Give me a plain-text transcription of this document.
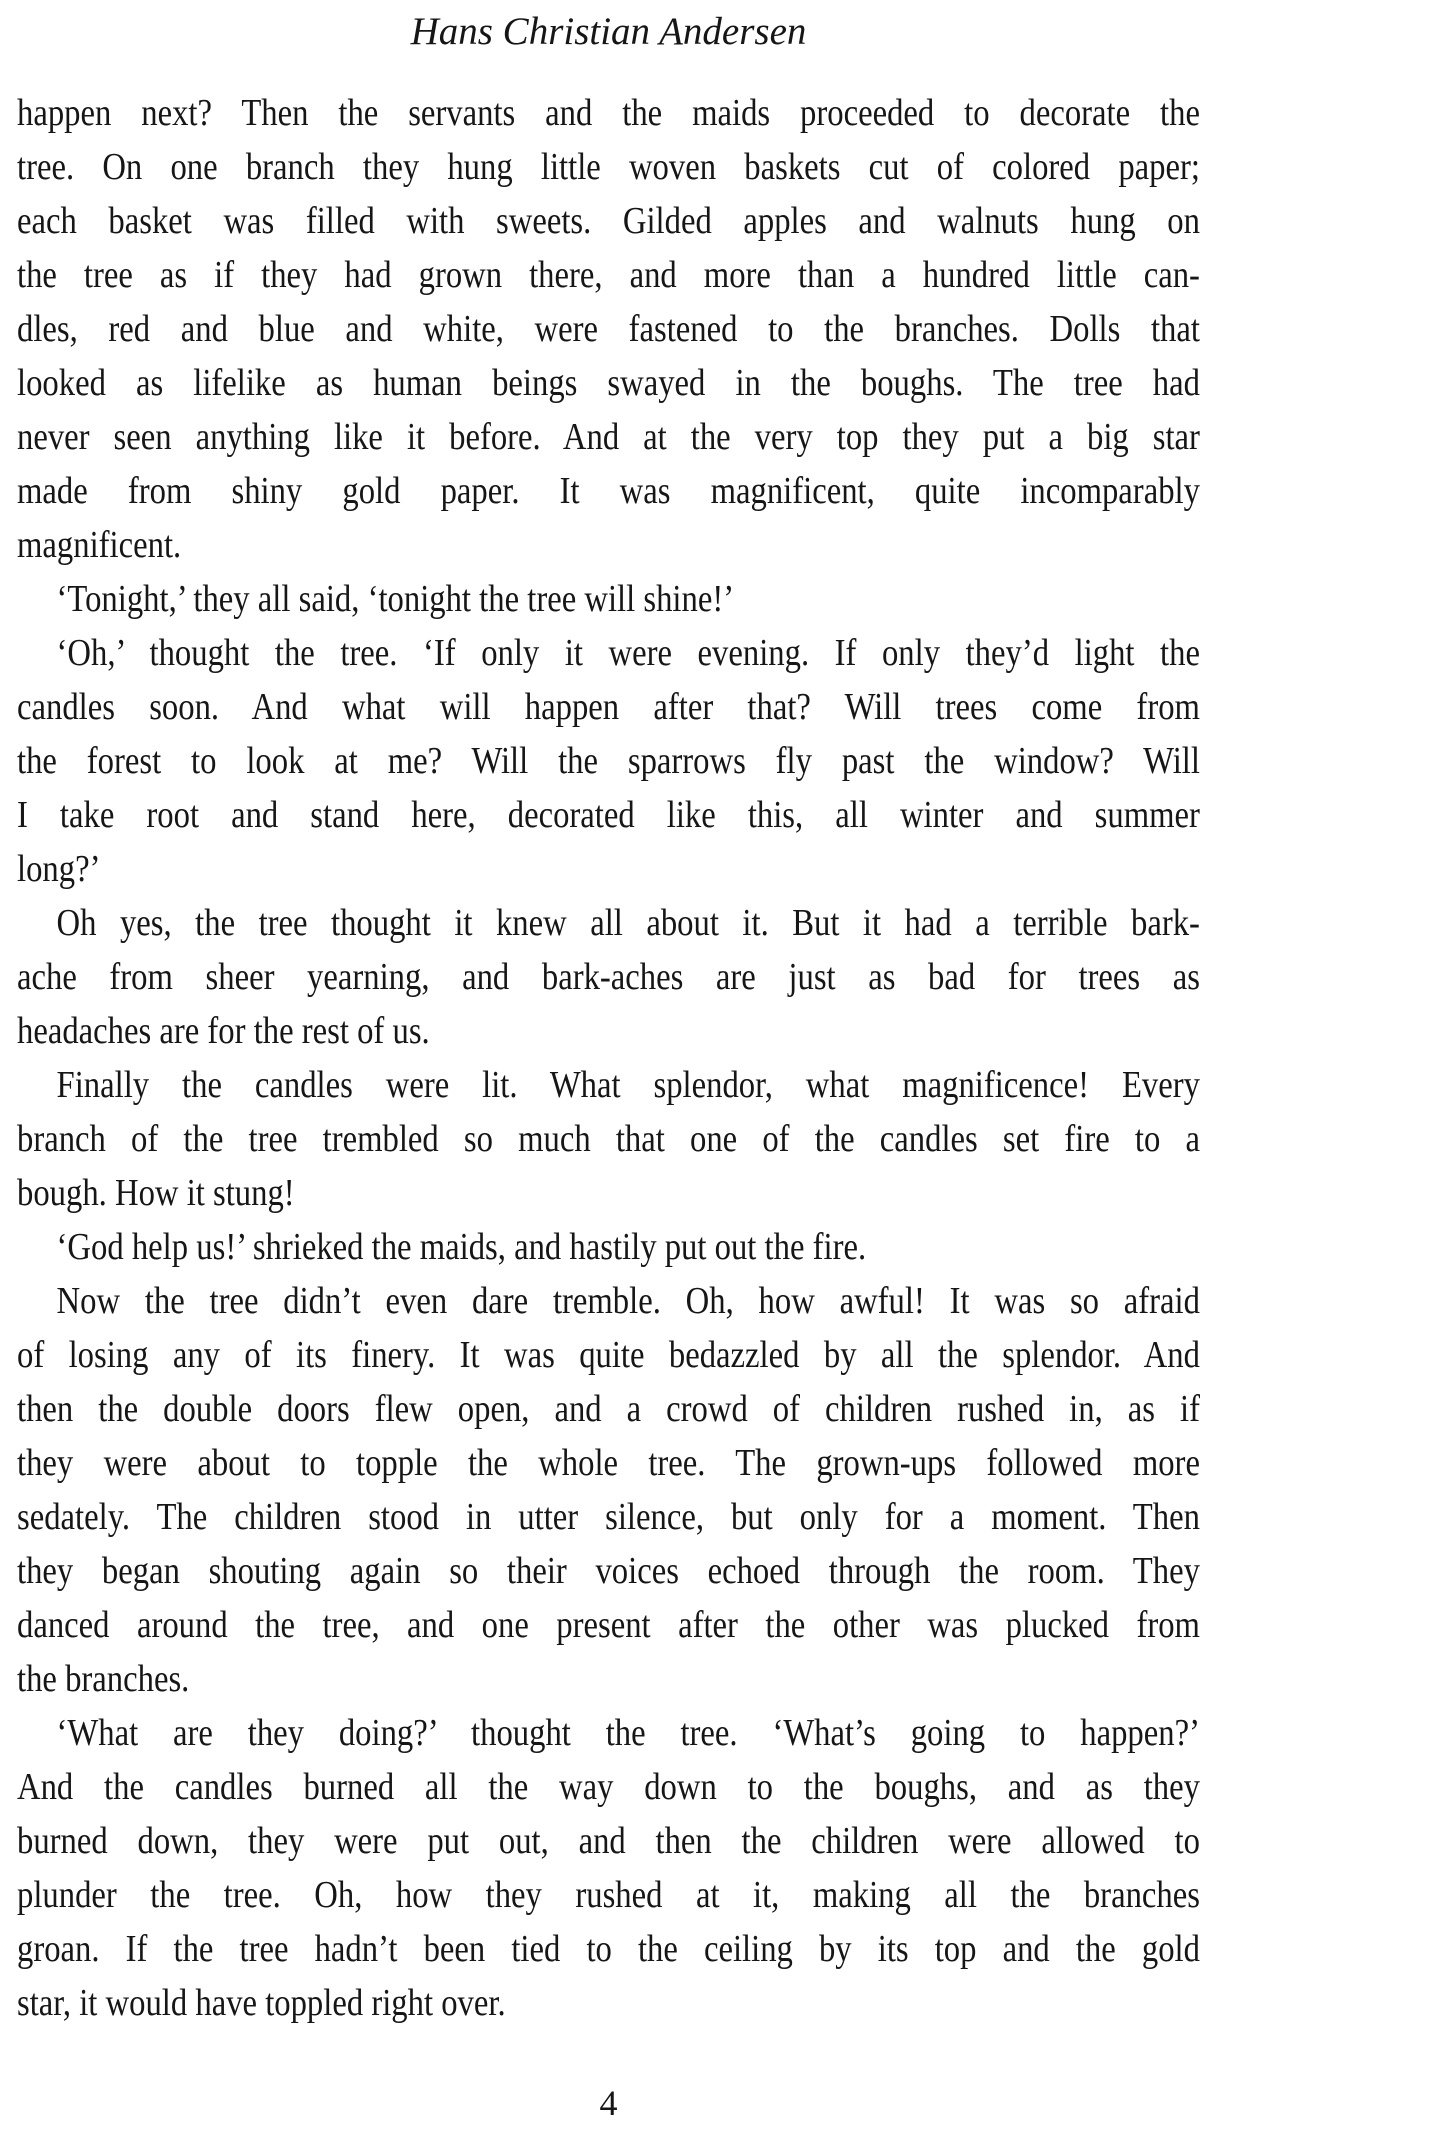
Hans Christian Andersen
happen next? Then the servants and the maids proceeded to decorate the
tree. On one branch they hung little woven baskets cut of colored paper;
each basket was filled with sweets. Gilded apples and walnuts hung on
the tree as if they had grown there, and more than a hundred little can-
dles, red and blue and white, were fastened to the branches. Dolls that
looked as lifelike as human beings swayed in the boughs. The tree had
never seen anything like it before. And at the very top they put a big star
made from shiny gold paper. It was magnificent, quite incomparably
magnificent.
‘Tonight,’ they all said, ‘tonight the tree will shine!’
‘Oh,’ thought the tree. ‘If only it were evening. If only they’d light the
candles soon. And what will happen after that? Will trees come from
the forest to look at me? Will the sparrows fly past the window? Will
I take root and stand here, decorated like this, all winter and summer
long?’
Oh yes, the tree thought it knew all about it. But it had a terrible bark-
ache from sheer yearning, and bark-aches are just as bad for trees as
headaches are for the rest of us.
Finally the candles were lit. What splendor, what magnificence! Every
branch of the tree trembled so much that one of the candles set fire to a
bough. How it stung!
‘God help us!’ shrieked the maids, and hastily put out the fire.
Now the tree didn’t even dare tremble. Oh, how awful! It was so afraid
of losing any of its finery. It was quite bedazzled by all the splendor. And
then the double doors flew open, and a crowd of children rushed in, as if
they were about to topple the whole tree. The grown-ups followed more
sedately. The children stood in utter silence, but only for a moment. Then
they began shouting again so their voices echoed through the room. They
danced around the tree, and one present after the other was plucked from
the branches.
‘What are they doing?’ thought the tree. ‘What’s going to happen?’
And the candles burned all the way down to the boughs, and as they
burned down, they were put out, and then the children were allowed to
plunder the tree. Oh, how they rushed at it, making all the branches
groan. If the tree hadn’t been tied to the ceiling by its top and the gold
star, it would have toppled right over.
4
